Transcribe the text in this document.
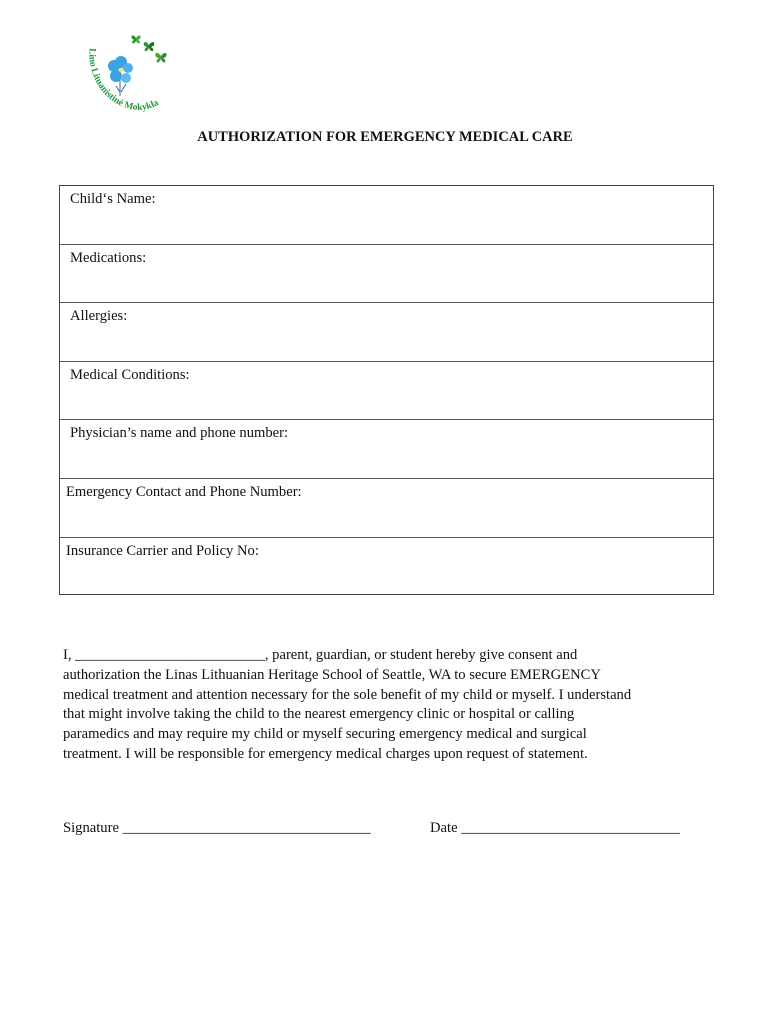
Lino Lituanistinė Mokykla
AUTHORIZATION FOR EMERGENCY MEDICAL CARE
Child‘s Name:
Medications:
Allergies:
Medical Conditions:
Physician’s name and phone number:
Emergency Contact and Phone Number:
Insurance Carrier and Policy No:
I, __________________________, parent, guardian, or student hereby give consent and
authorization the Linas Lithuanian Heritage School of Seattle, WA to secure EMERGENCY
medical treatment and attention necessary for the sole benefit of my child or myself. I understand
that might involve taking the child to the nearest emergency clinic or hospital or calling
paramedics and may require my child or myself securing emergency medical and surgical
treatment. I will be responsible for emergency medical charges upon request of statement.
Signature __________________________________	Date ______________________________
